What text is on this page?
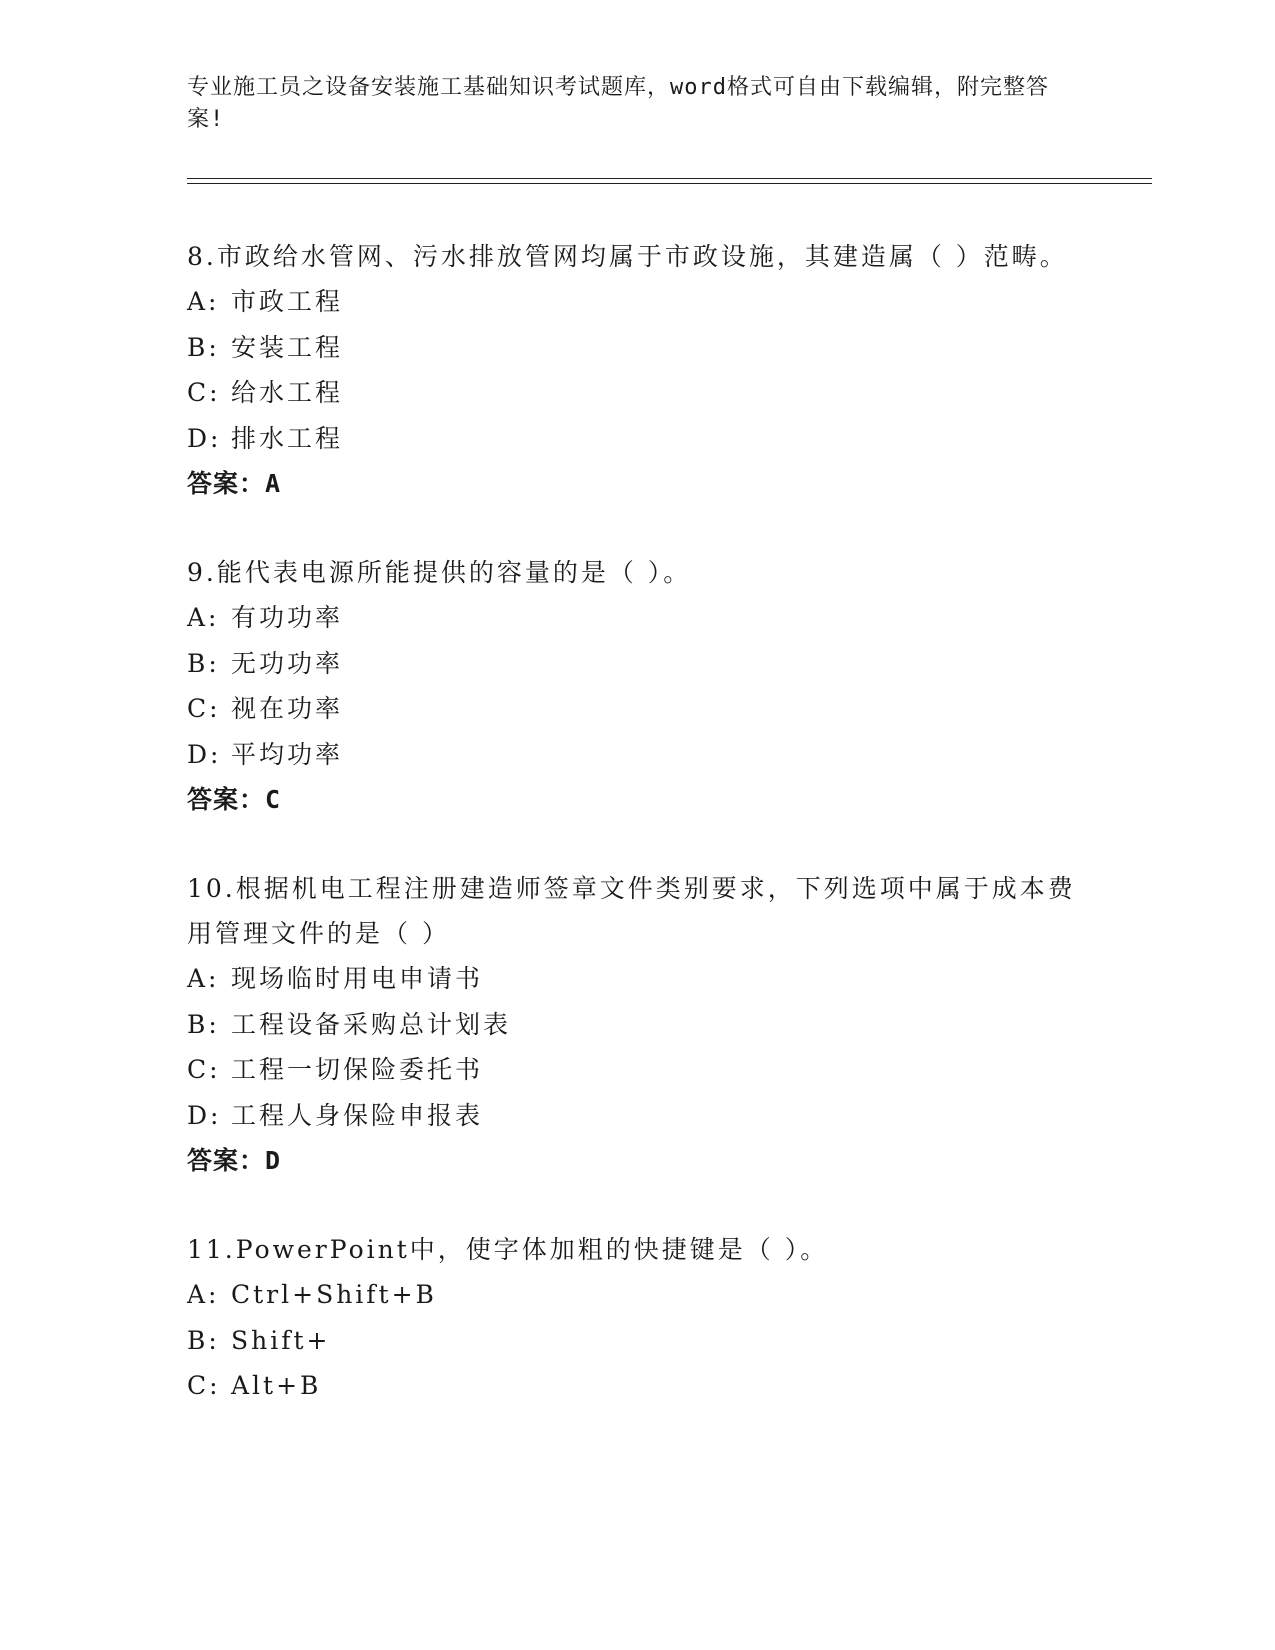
专业施工员之设备安装施工基础知识考试题库，word格式可自由下载编辑，附完整答案!
8.市政给水管网、污水排放管网均属于市政设施，其建造属（ ）范畴。
A: 市政工程
B: 安装工程
C: 给水工程
D: 排水工程
答案：A
9.能代表电源所能提供的容量的是（ ）。
A: 有功功率
B: 无功功率
C: 视在功率
D: 平均功率
答案：C
10.根据机电工程注册建造师签章文件类别要求，下列选项中属于成本费用管理文件的是（ ）
A: 现场临时用电申请书
B: 工程设备采购总计划表
C: 工程一切保险委托书
D: 工程人身保险申报表
答案：D
11.PowerPoint中，使字体加粗的快捷键是（ ）。
A: Ctrl+Shift+B
B: Shift+
C: Alt+B
